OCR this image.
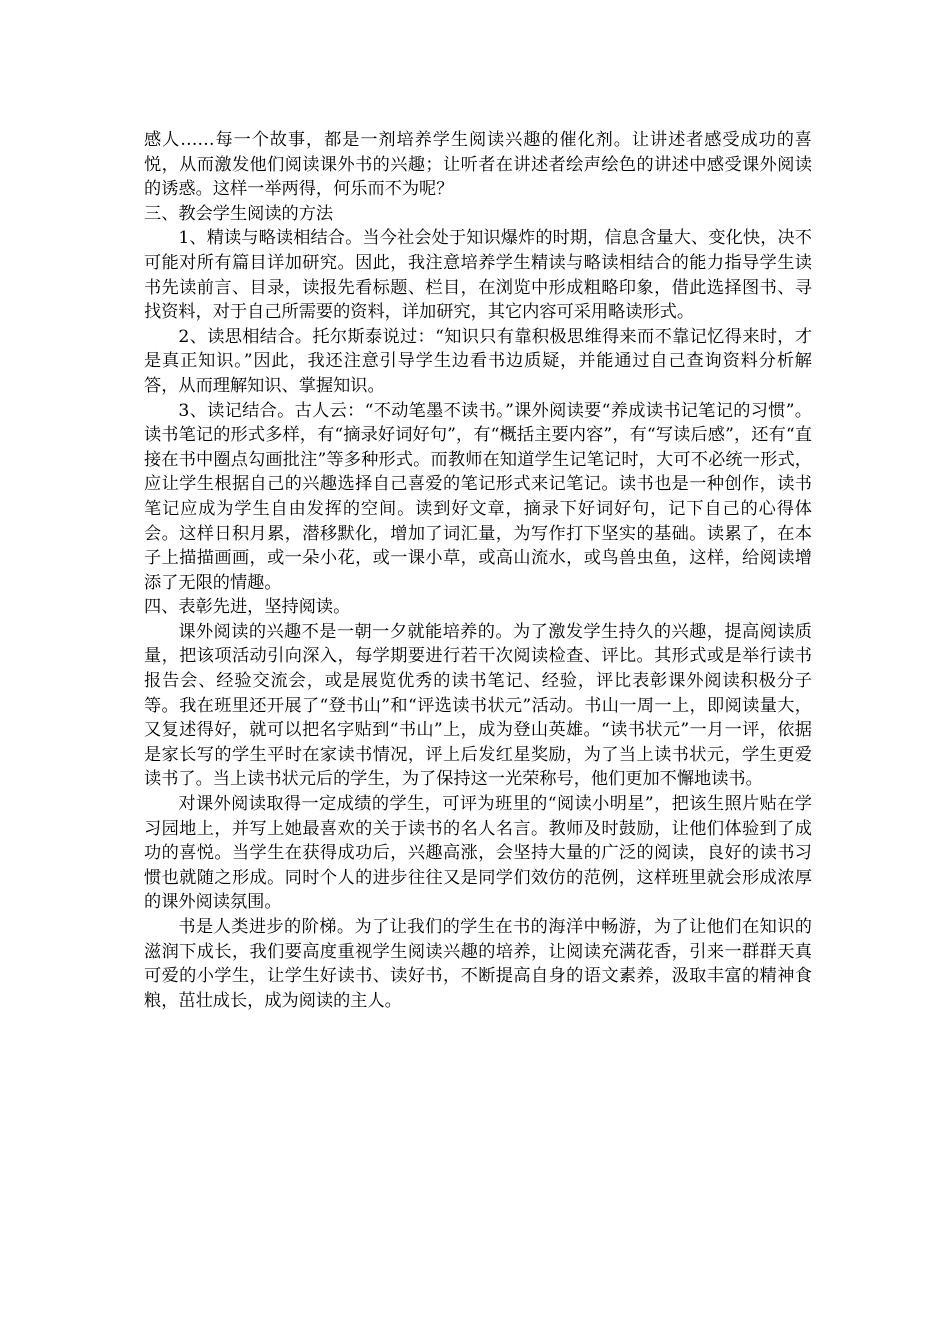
感人……每一个故事，都是一剂培养学生阅读兴趣的催化剂。让讲述者感受成功的喜悦，从而激发他们阅读课外书的兴趣；让听者在讲述者绘声绘色的讲述中感受课外阅读的诱惑。这样一举两得，何乐而不为呢？

三、教会学生阅读的方法

1、精读与略读相结合。当今社会处于知识爆炸的时期，信息含量大、变化快，决不可能对所有篇目详加研究。因此，我注意培养学生精读与略读相结合的能力指导学生读书先读前言、目录，读报先看标题、栏目，在浏览中形成粗略印象，借此选择图书、寻找资料，对于自己所需要的资料，详加研究，其它内容可采用略读形式。

2、读思相结合。托尔斯泰说过：“知识只有靠积极思维得来而不靠记忆得来时，才是真正知识。”因此，我还注意引导学生边看书边质疑，并能通过自己查询资料分析解答，从而理解知识、掌握知识。

3、读记结合。古人云：“不动笔墨不读书。”课外阅读要“养成读书记笔记的习惯”。读书笔记的形式多样，有“摘录好词好句”，有“概括主要内容”，有“写读后感”，还有“直接在书中圈点勾画批注”等多种形式。而教师在知道学生记笔记时，大可不必统一形式，应让学生根据自己的兴趣选择自己喜爱的笔记形式来记笔记。读书也是一种创作，读书笔记应成为学生自由发挥的空间。读到好文章，摘录下好词好句，记下自己的心得体会。这样日积月累，潜移默化，增加了词汇量，为写作打下坚实的基础。读累了，在本子上描描画画，或一朵小花，或一课小草，或高山流水，或鸟兽虫鱼，这样，给阅读增添了无限的情趣。

四、表彰先进，坚持阅读。

课外阅读的兴趣不是一朝一夕就能培养的。为了激发学生持久的兴趣，提高阅读质量，把该项活动引向深入，每学期要进行若干次阅读检查、评比。其形式或是举行读书报告会、经验交流会，或是展览优秀的读书笔记、经验，评比表彰课外阅读积极分子等。我在班里还开展了“登书山”和“评选读书状元”活动。书山一周一上，即阅读量大，又复述得好，就可以把名字贴到“书山”上，成为登山英雄。“读书状元”一月一评，依据是家长写的学生平时在家读书情况，评上后发红星奖励，为了当上读书状元，学生更爱读书了。当上读书状元后的学生，为了保持这一光荣称号，他们更加不懈地读书。

对课外阅读取得一定成绩的学生，可评为班里的“阅读小明星”，把该生照片贴在学习园地上，并写上她最喜欢的关于读书的名人名言。教师及时鼓励，让他们体验到了成功的喜悦。当学生在获得成功后，兴趣高涨，会坚持大量的广泛的阅读，良好的读书习惯也就随之形成。同时个人的进步往往又是同学们效仿的范例，这样班里就会形成浓厚的课外阅读氛围。

书是人类进步的阶梯。为了让我们的学生在书的海洋中畅游，为了让他们在知识的滋润下成长，我们要高度重视学生阅读兴趣的培养，让阅读充满花香，引来一群群天真可爱的小学生，让学生好读书、读好书，不断提高自身的语文素养，汲取丰富的精神食粮，茁壮成长，成为阅读的主人。
